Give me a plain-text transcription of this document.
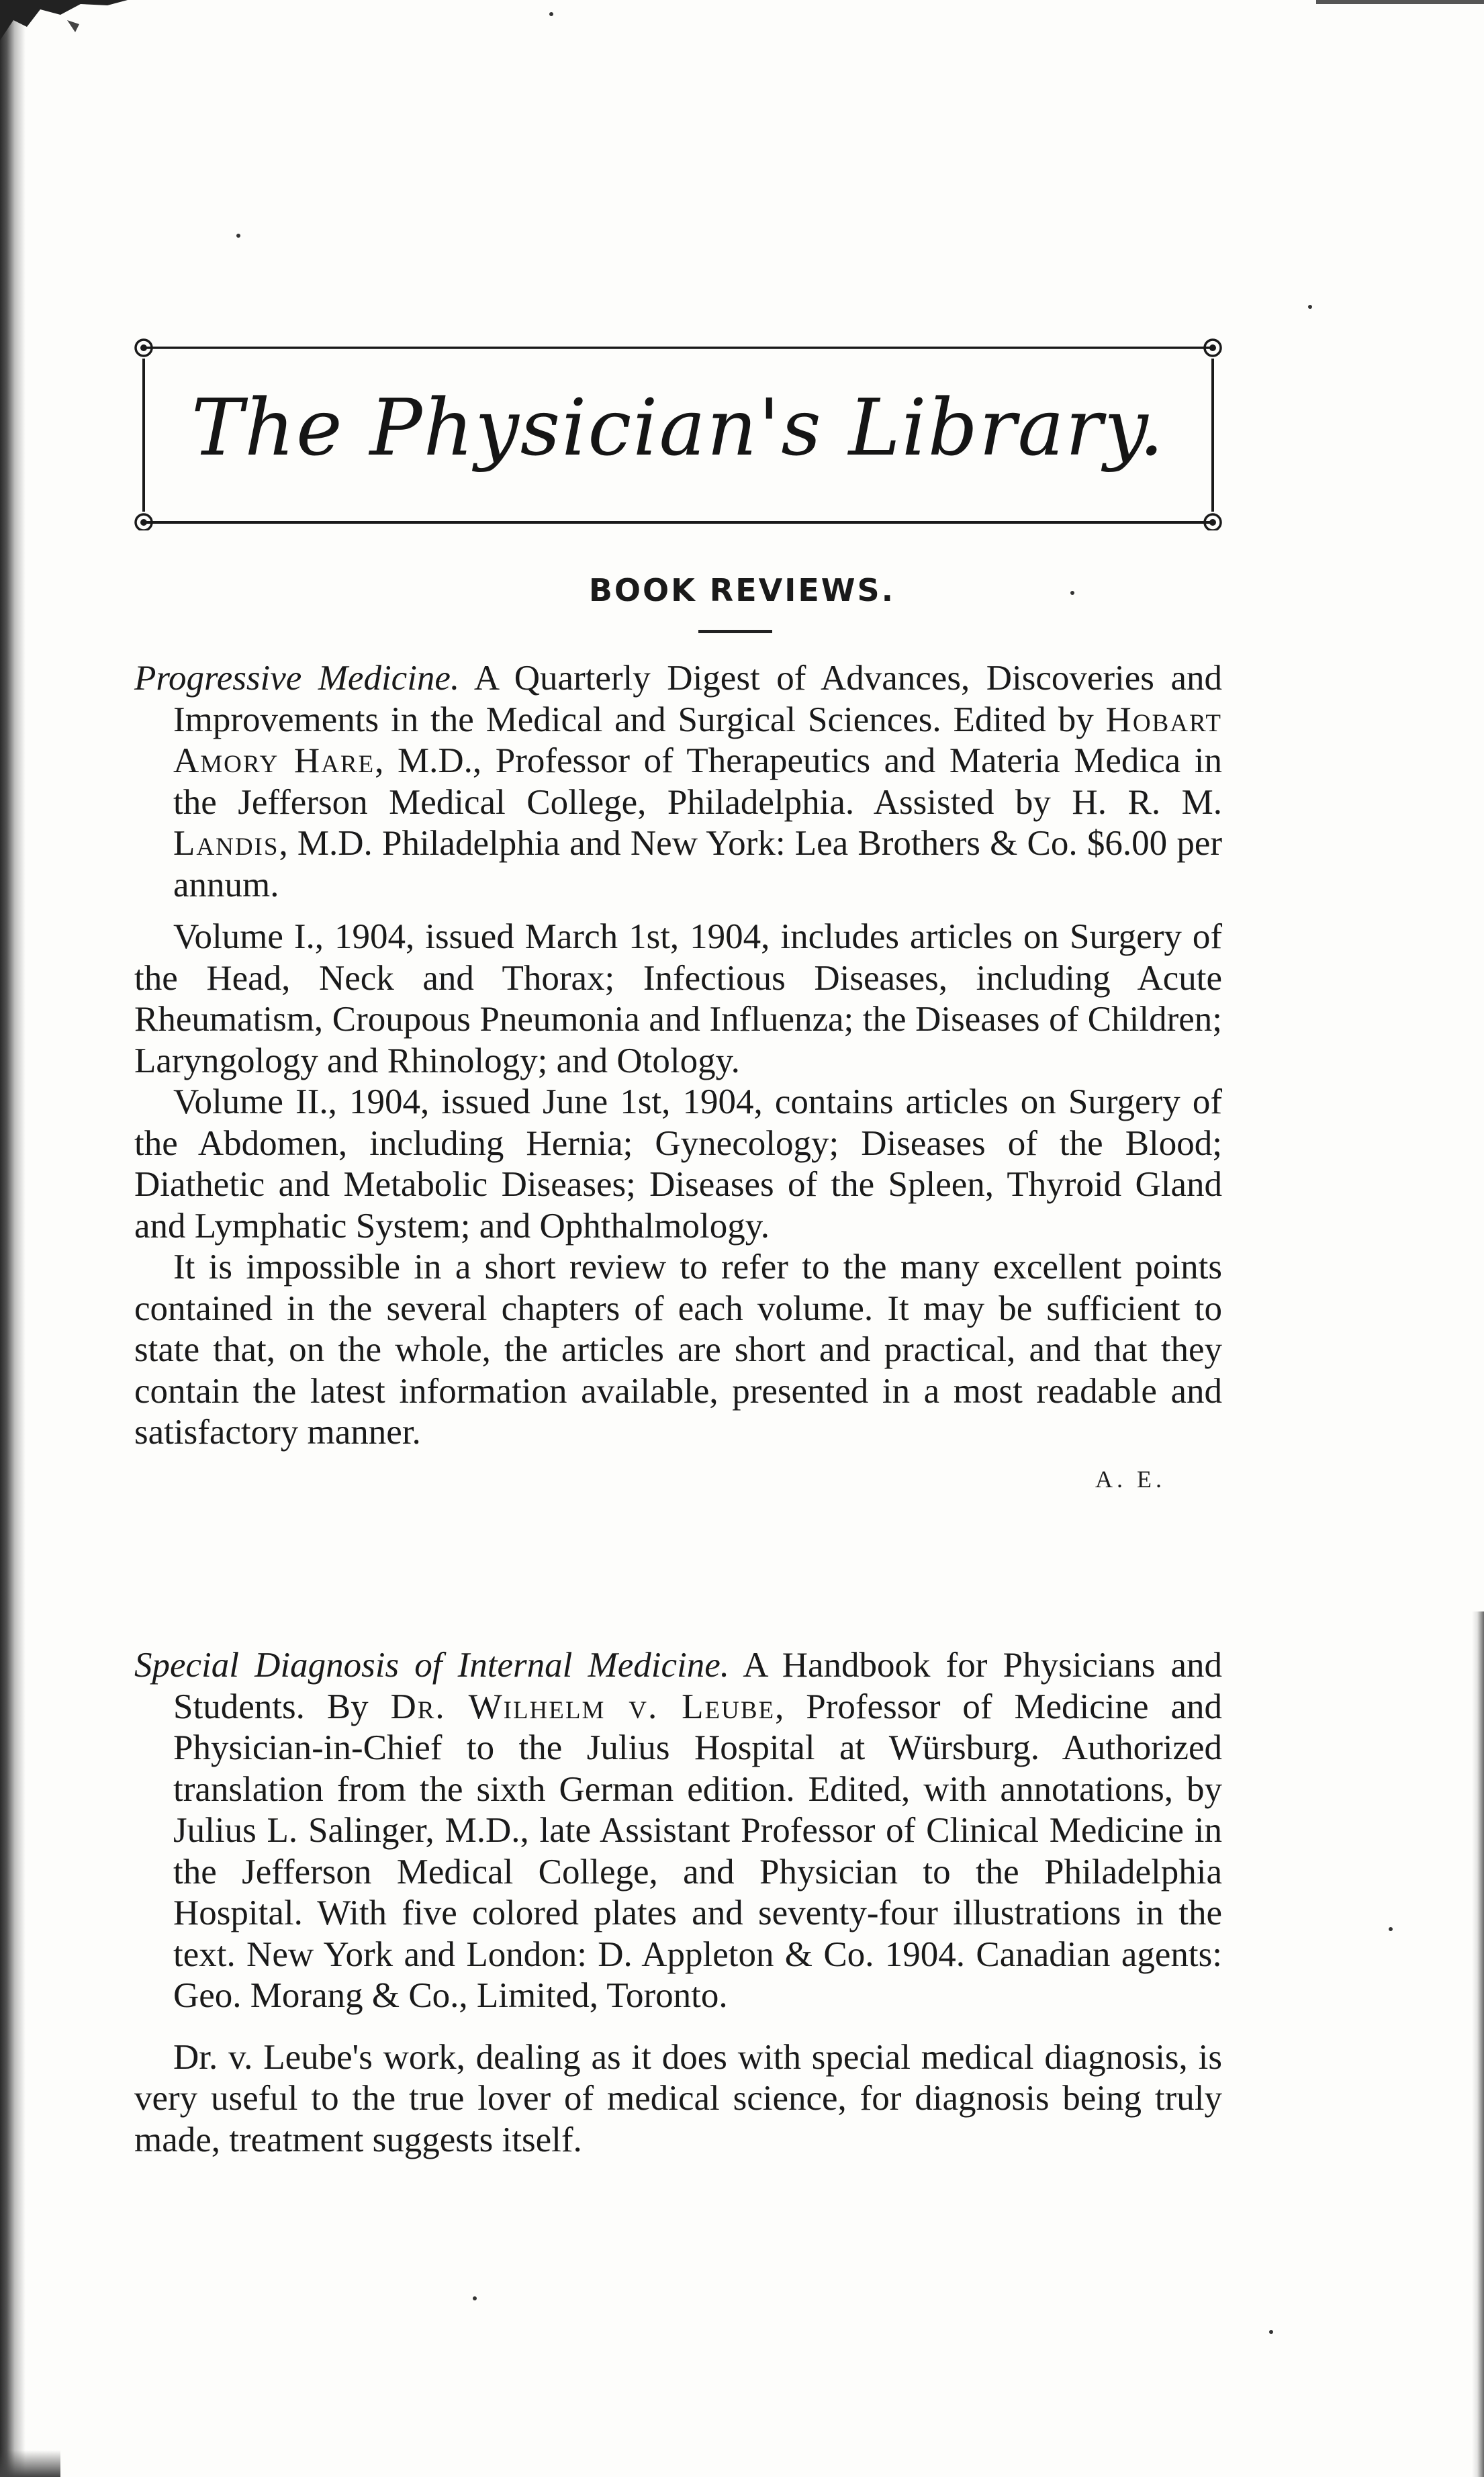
The Physician's Library.
BOOK REVIEWS.
Progressive Medicine. A Quarterly Digest of Advances, Discoveries and Improvements in the Medical and Surgical Sciences. Edited by Hobart Amory Hare, M.D., Professor of Therapeutics and Materia Medica in the Jefferson Medical College, Philadelphia. Assisted by H. R. M. Landis, M.D. Philadelphia and New York: Lea Brothers & Co. $6.00 per annum.

Volume I., 1904, issued March 1st, 1904, includes articles on Surgery of the Head, Neck and Thorax; Infectious Diseases, including Acute Rheumatism, Croupous Pneumonia and Influenza; the Diseases of Children; Laryngology and Rhinology; and Otology.

Volume II., 1904, issued June 1st, 1904, contains articles on Surgery of the Abdomen, including Hernia; Gynecology; Diseases of the Blood; Diathetic and Metabolic Diseases; Diseases of the Spleen, Thyroid Gland and Lymphatic System; and Ophthalmology.

It is impossible in a short review to refer to the many excellent points contained in the several chapters of each volume. It may be sufficient to state that, on the whole, the articles are short and practical, and that they contain the latest information available, presented in a most readable and satisfactory manner.

A. E.
Special Diagnosis of Internal Medicine. A Handbook for Physicians and Students. By Dr. Wilhelm v. Leube, Professor of Medicine and Physician-in-Chief to the Julius Hospital at Würsburg. Authorized translation from the sixth German edition. Edited, with annotations, by Julius L. Salinger, M.D., late Assistant Professor of Clinical Medicine in the Jefferson Medical College, and Physician to the Philadelphia Hospital. With five colored plates and seventy-four illustrations in the text. New York and London: D. Appleton & Co. 1904. Canadian agents: Geo. Morang & Co., Limited, Toronto.

Dr. v. Leube's work, dealing as it does with special medical diagnosis, is very useful to the true lover of medical science, for diagnosis being truly made, treatment suggests itself.
